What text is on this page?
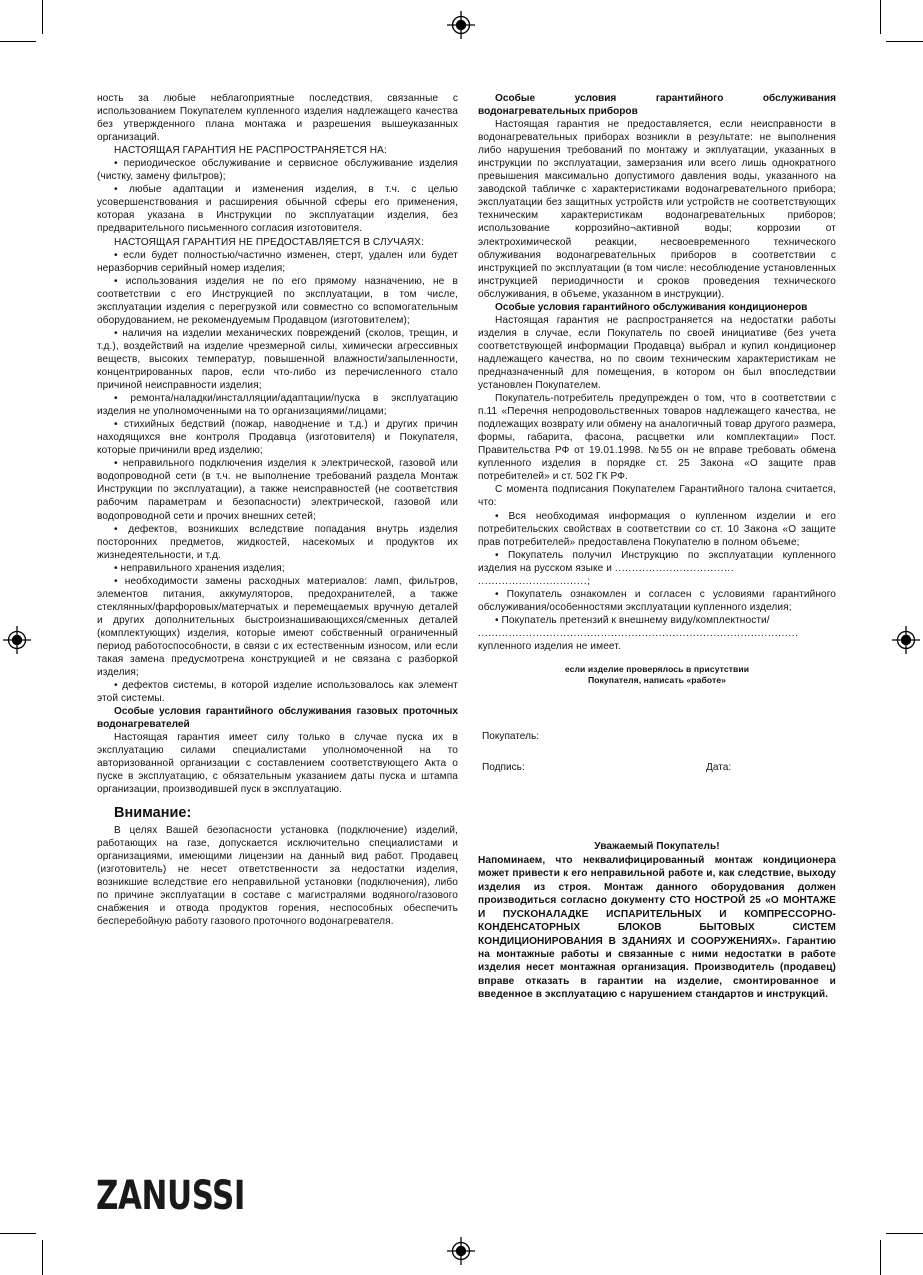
ность за любые неблагоприятные последствия, связанные с использованием Покупателем купленного изделия надлежащего качества без утвержденного плана монтажа и разрешения вышеуказанных организаций.

НАСТОЯЩАЯ ГАРАНТИЯ НЕ РАСПРОСТРАНЯЕТСЯ НА:

• периодическое обслуживание и сервисное обслуживание изделия (чистку, замену фильтров);

• любые адаптации и изменения изделия, в т.ч. с целью усовершенствования и расширения обычной сферы его применения, которая указана в Инструкции по эксплуатации изделия, без предварительного письменного согласия изготовителя.

НАСТОЯЩАЯ ГАРАНТИЯ НЕ ПРЕДОСТАВЛЯЕТСЯ В СЛУЧАЯХ:

• если будет полностью/частично изменен, стерт, удален или будет неразборчив серийный номер изделия;

• использования изделия не по его прямому назначению, не в соответствии с его Инструкцией по эксплуатации, в том числе, эксплуатации изделия с перегрузкой или совместно со вспомогательным оборудованием, не рекомендуемым Продавцом (изготовителем);

• наличия на изделии механических повреждений (сколов, трещин, и т.д.), воздействий на изделие чрезмерной силы, химически агрессивных веществ, высоких температур, повышенной влажности/запыленности, концентрированных паров, если что-либо из перечисленного стало причиной неисправности изделия;

• ремонта/наладки/инсталляции/адаптации/пуска в эксплуатацию изделия не уполномоченными на то организациями/лицами;

• стихийных бедствий (пожар, наводнение и т.д.) и других причин находящихся вне контроля Продавца (изготовителя) и Покупателя, которые причинили вред изделию;

• неправильного подключения изделия к электрической, газовой или водопроводной сети (в т.ч. не выполнение требований раздела Монтаж Инструкции по эксплуатации), а также неисправностей (не соответствия рабочим параметрам и безопасности) электрической, газовой или водопроводной сети и прочих внешних сетей;

• дефектов, возникших вследствие попадания внутрь изделия посторонних предметов, жидкостей, насекомых и продуктов их жизнедеятельности, и т.д.

• неправильного хранения изделия;

• необходимости замены расходных материалов: ламп, фильтров, элементов питания, аккумуляторов, предохранителей, а также стеклянных/фарфоровых/матерчатых и перемещаемых вручную деталей и других дополнительных быстроизнашивающихся/сменных деталей (комплектующих) изделия, которые имеют собственный ограниченный период работоспособности, в связи с их естественным износом, или если такая замена предусмотрена конструкцией и не связана с разборкой изделия;

• дефектов системы, в которой изделие использовалось как элемент этой системы.

Особые условия гарантийного обслуживания газовых проточных водонагревателей

Настоящая гарантия имеет силу только в случае пуска их в эксплуатацию силами специалистами уполномоченной на то авторизованной организации с составлением соответствующего Акта о пуске в эксплуатацию, с обязательным указанием даты пуска и штампа организации, производившей пуск в эксплуатацию.

Внимание:

В целях Вашей безопасности установка (подключение) изделий, работающих на газе, допускается исключительно специалистами и организациями, имеющими лицензии на данный вид работ. Продавец (изготовитель) не несет ответственности за недостатки изделия, возникшие вследствие его неправильной установки (подключения), либо по причине эксплуатации в составе с магистралями водяного/газового снабжения и отвода продуктов горения, неспособных обеспечить бесперебойную работу газового проточного водонагревателя.

Особые условия гарантийного обслуживания водонагревательных приборов

Настоящая гарантия не предоставляется, если неисправности в водонагревательных приборах возникли в результате: не выполнения либо нарушения требований по монтажу и экплуатации, указанных в инструкции по эксплуатации, замерзания или всего лишь однократного превышения максимально допустимого давления воды, указанного на заводской табличке с характеристиками водонагревательного прибора; эксплуатации без защитных устройств или устройств не соответствующих техническим характеристикам водонагревательных приборов; использование коррозийно¬активной воды; коррозии от электрохимической реакции, несвоевременного технического облуживания водонагревательных приборов в соответствии с инструкцией по эксплуатации (в том числе: несоблюдение установленных инструкцией периодичности и сроков проведения технического обслуживания, в объеме, указанном в инструкции).

Особые условия гарантийного обслуживания кондиционеров

Настоящая гарантия не распространяется на недостатки работы изделия в случае, если Покупатель по своей инициативе (без учета соответствующей информации Продавца) выбрал и купил кондиционер надлежащего качества, но по своим техническим характеристикам не предназначенный для помещения, в котором он был впоследствии установлен Покупателем.

Покупатель-потребитель предупрежден о том, что в соответствии с п.11 «Перечня непродовольственных товаров надлежащего качества, не подлежащих возврату или обмену на аналогичный товар другого размера, формы, габарита, фасона, расцветки или комплектации» Пост. Правительства РФ от 19.01.1998. №55 он не вправе требовать обмена купленного изделия в порядке ст. 25 Закона «О защите прав потребителей» и ст. 502 ГК РФ.

С момента подписания Покупателем Гарантийного талона считается, что:

• Вся необходимая информация о купленном изделии и его потребительских свойствах в соответствии со ст. 10 Закона «О защите прав потребителей» предоставлена Покупателю в полном объеме;

• Покупатель получил Инструкцию по эксплуатации купленного изделия на русском языке и ...................................

................................;

• Покупатель ознакомлен и согласен с условиями гарантийного обслуживания/особенностями эксплуатации купленного изделия;

• Покупатель претензий к внешнему виду/комплектности/

..............................................................................................

купленного изделия не имеет.

если изделие проверялось в присутствии

Покупателя, написать «работе»

Покупатель:
Подпись:	Дата:

Уважаемый Покупатель!

Напоминаем, что неквалифицированный монтаж кондиционера может привести к его неправильной работе и, как следствие, выходу изделия из строя. Монтаж данного оборудования должен производиться согласно документу СТО НОСТРОЙ 25 «О МОНТАЖЕ И ПУСКОНАЛАДКЕ ИСПАРИТЕЛЬНЫХ И КОМПРЕССОРНО-КОНДЕНСАТОРНЫХ БЛОКОВ БЫТОВЫХ СИСТЕМ КОНДИЦИОНИРОВАНИЯ В ЗДАНИЯХ И СООРУЖЕНИЯХ». Гарантию на монтажные работы и связанные с ними недостатки в работе изделия несет монтажная организация. Производитель (продавец) вправе отказать в гарантии на изделие, смонтированное и введенное в эксплуатацию с нарушением стандартов и инструкций.

ZANUSSI
